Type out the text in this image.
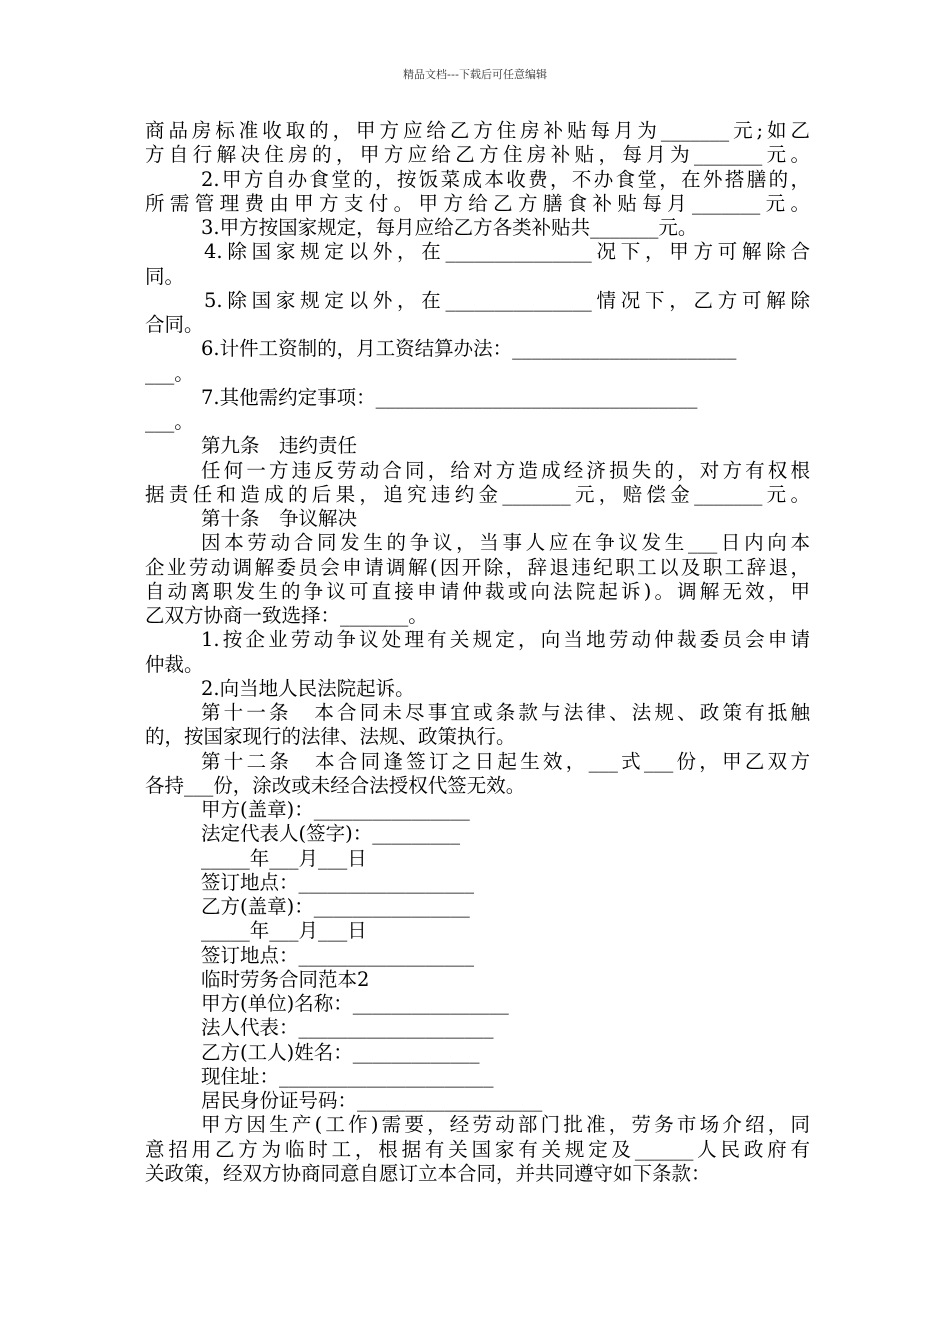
精品文档---下载后可任意编辑
商品房标准收取的，甲方应给乙方住房补贴每月为_______元;如乙
方自行解决住房的，甲方应给乙方住房补贴，每月为_______元。
2.甲方自办食堂的，按饭菜成本收费，不办食堂，在外搭膳的，
所需管理费由甲方支付。甲方给乙方膳食补贴每月_______元。
3.甲方按国家规定，每月应给乙方各类补贴共_______元。
4.除国家规定以外，在_______________况下，甲方可解除合
同。
5.除国家规定以外，在_______________情况下，乙方可解除
合同。
6.计件工资制的，月工资结算办法：_______________________
___。
7.其他需约定事项：_________________________________
___。
第九条　违约责任
任何一方违反劳动合同，给对方造成经济损失的，对方有权根
据责任和造成的后果，追究违约金_______元，赔偿金_______元。
第十条　争议解决
因本劳动合同发生的争议，当事人应在争议发生___日内向本
企业劳动调解委员会申请调解(因开除，辞退违纪职工以及职工辞退，
自动离职发生的争议可直接申请仲裁或向法院起诉)。调解无效，甲
乙双方协商一致选择：_______。
1.按企业劳动争议处理有关规定，向当地劳动仲裁委员会申请
仲裁。
2.向当地人民法院起诉。
第十一条　本合同未尽事宜或条款与法律、法规、政策有抵触
的，按国家现行的法律、法规、政策执行。
第十二条　本合同逢签订之日起生效，___式___份，甲乙双方
各持___份，涂改或未经合法授权代签无效。
甲方(盖章)：________________
法定代表人(签字)：_________
_____年___月___日
签订地点：__________________
乙方(盖章)：________________
_____年___月___日
签订地点：__________________
临时劳务合同范本2
甲方(单位)名称：________________
法人代表：____________________
乙方(工人)姓名：_____________
现住址：______________________
居民身份证号码：___________________
甲方因生产(工作)需要，经劳动部门批准，劳务市场介绍，同
意招用乙方为临时工，根据有关国家有关规定及______人民政府有
关政策，经双方协商同意自愿订立本合同，并共同遵守如下条款：
